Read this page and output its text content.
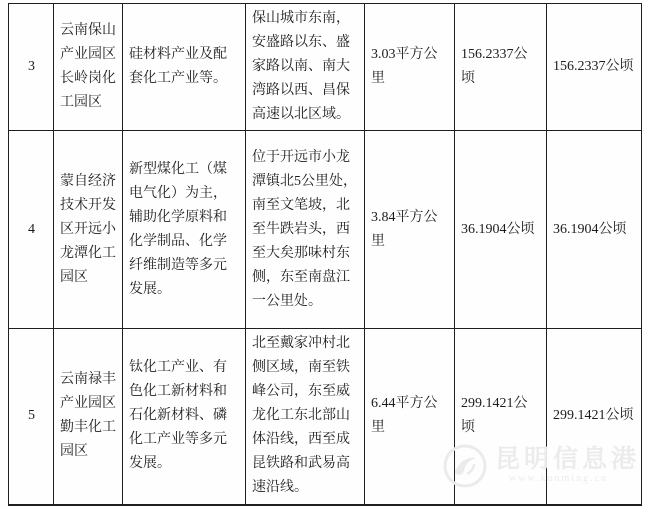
3	云南保山产业园区长岭岗化工园区	硅材料产业及配套化工产业等。	保山城市东南，安盛路以东、盛家路以南、南大湾路以西、昌保高速以北区域。	3.03平方公里	156.2337公顷	156.2337公顷
4	蒙自经济技术开发区开远小龙潭化工园区	新型煤化工（煤电气化）为主，辅助化学原料和化学制品、化学纤维制造等多元发展。	位于开远市小龙潭镇北5公里处，南至文笔坡，北至牛跌岩头，西至大矣那味村东侧，东至南盘江一公里处。	3.84平方公里	36.1904公顷	36.1904公顷
5	云南禄丰产业园区勤丰化工园区	钛化工产业、有色化工新材料和石化新材料、磷化工产业等多元发展。	北至戴家冲村北侧区域，南至铁峰公司，东至威龙化工东北部山体沿线，西至成昆铁路和武易高速沿线。	6.44平方公里	299.1421公顷	299.1421公顷
昆明信息港
www.kunming.cn
